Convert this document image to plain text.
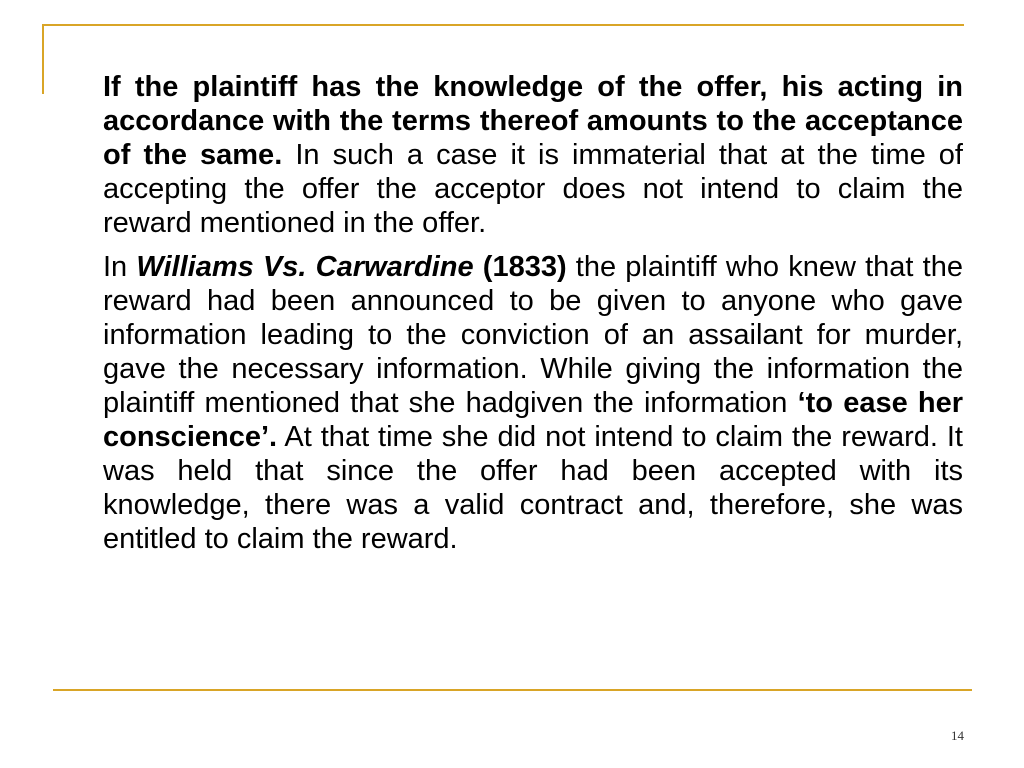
If the plaintiff has the knowledge of the offer, his acting in accordance with the terms thereof amounts to the acceptance of the same. In such a case it is immaterial that at the time of accepting the offer the acceptor does not intend to claim the reward mentioned in the offer.

In Williams Vs. Carwardine (1833) the plaintiff who knew that the reward had been announced to be given to anyone who gave information leading to the conviction of an assailant for murder, gave the necessary information. While giving the information the plaintiff mentioned that she hadgiven the information ‘to ease her conscience’. At that time she did not intend to claim the reward. It was held that since the offer had been accepted with its knowledge, there was a valid contract and, therefore, she was entitled to claim the reward.

14
